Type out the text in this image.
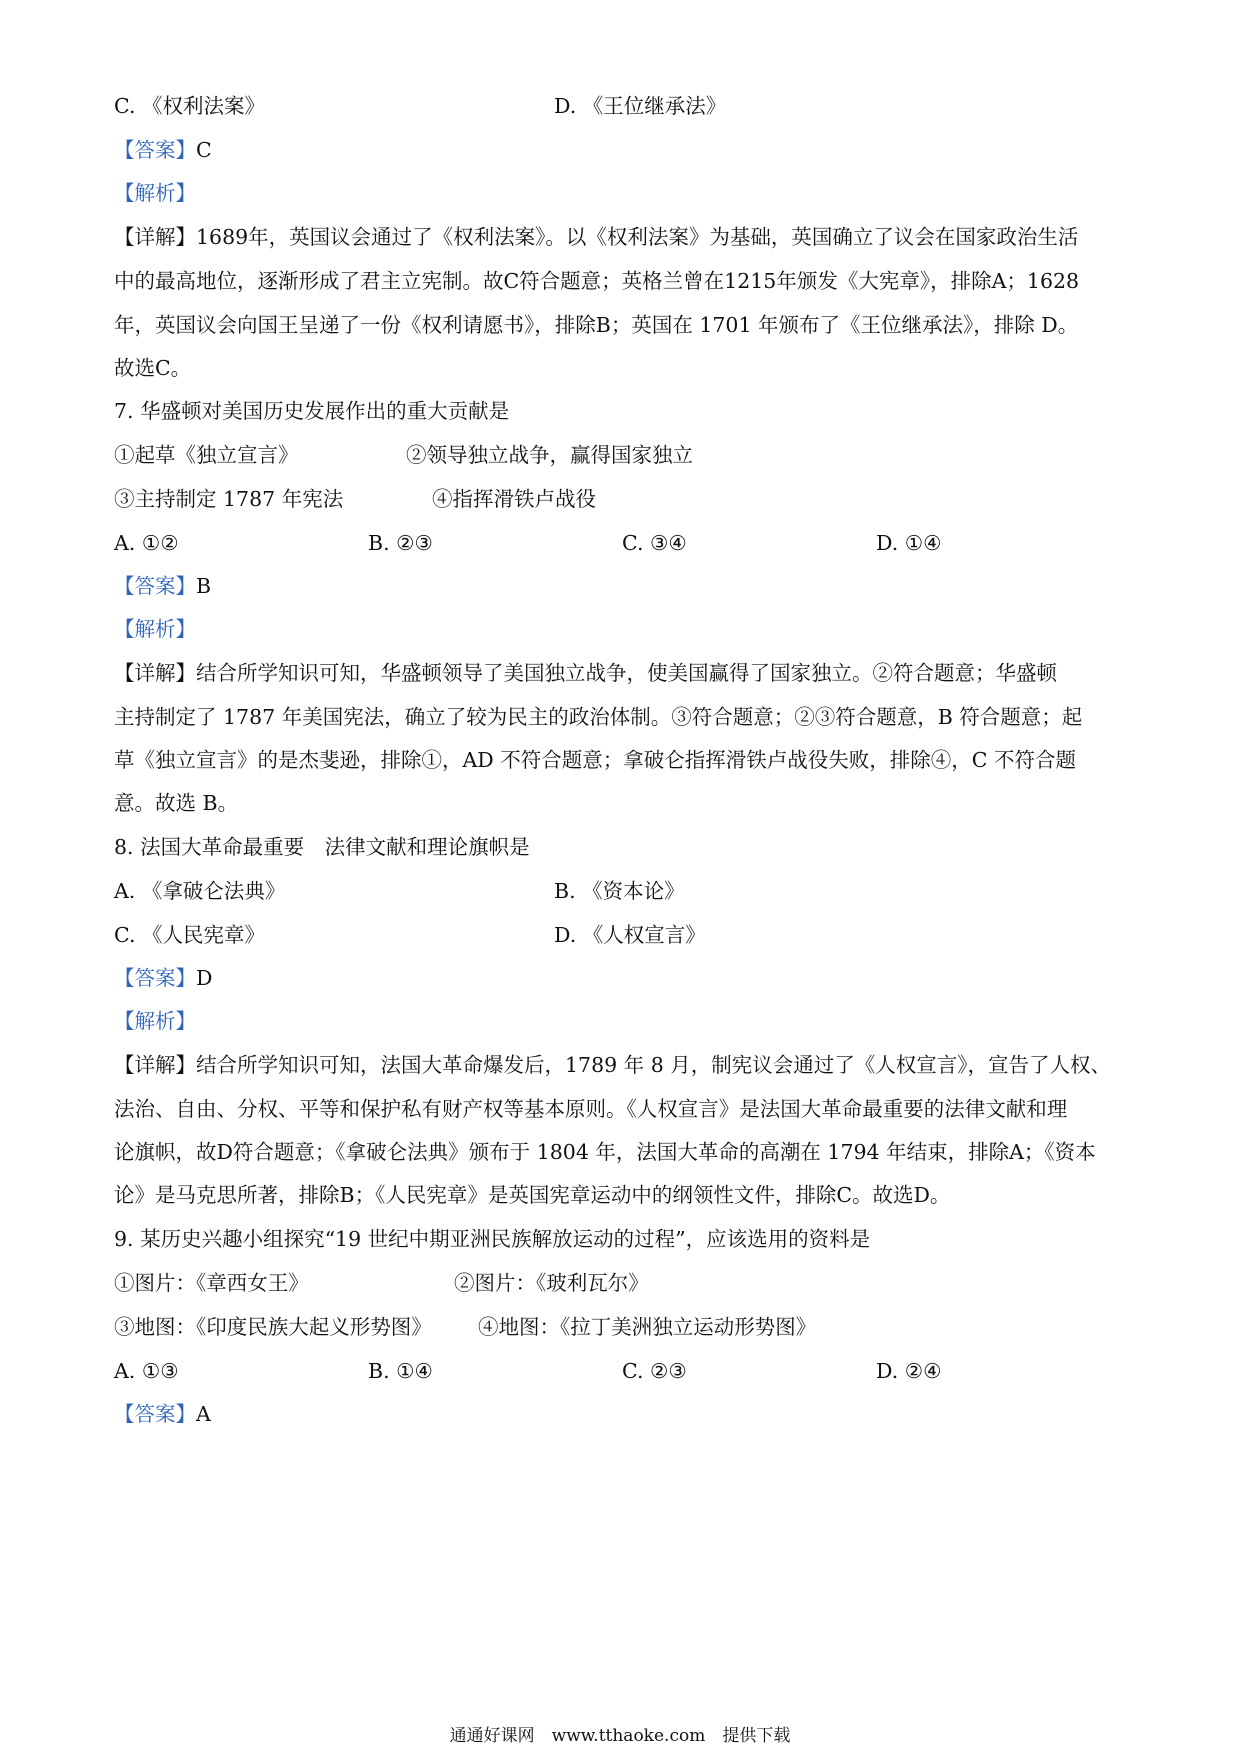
C. 《权利法案》	D. 《王位继承法》
【答案】C
【解析】
【详解】1689年，英国议会通过了《权利法案》。以《权利法案》为基础，英国确立了议会在国家政治生活
中的最高地位，逐渐形成了君主立宪制。故C符合题意；英格兰曾在1215年颁发《大宪章》，排除A；1628
年，英国议会向国王呈递了一份《权利请愿书》，排除B；英国在 1701 年颁布了《王位继承法》，排除 D。
故选C。
7. 华盛顿对美国历史发展作出的重大贡献是
①起草《独立宣言》	②领导独立战争，赢得国家独立
③主持制定 1787 年宪法	④指挥滑铁卢战役
A. ①②	B. ②③	C. ③④	D. ①④
【答案】B
【解析】
【详解】结合所学知识可知，华盛顿领导了美国独立战争，使美国赢得了国家独立。②符合题意；华盛顿
主持制定了 1787 年美国宪法，确立了较为民主的政治体制。③符合题意；②③符合题意，B 符合题意；起
草《独立宣言》的是杰斐逊，排除①，AD 不符合题意；拿破仑指挥滑铁卢战役失败，排除④，C 不符合题
意。故选 B。
8. 法国大革命最重要　法律文献和理论旗帜是
A. 《拿破仑法典》	B. 《资本论》
C. 《人民宪章》	D. 《人权宣言》
【答案】D
【解析】
【详解】结合所学知识可知，法国大革命爆发后，1789 年 8 月，制宪议会通过了《人权宣言》，宣告了人权、
法治、自由、分权、平等和保护私有财产权等基本原则。《人权宣言》是法国大革命最重要的法律文献和理
论旗帜，故D符合题意；《拿破仑法典》颁布于 1804 年，法国大革命的高潮在 1794 年结束，排除A；《资本
论》是马克思所著，排除B；《人民宪章》是英国宪章运动中的纲领性文件，排除C。故选D。
9. 某历史兴趣小组探究“19 世纪中期亚洲民族解放运动的过程”，应该选用的资料是
①图片：《章西女王》	②图片：《玻利瓦尔》
③地图：《印度民族大起义形势图》 ④地图：《拉丁美洲独立运动形势图》
A. ①③	B. ①④	C. ②③	D. ②④
【答案】A
通通好课网　www.tthaoke.com　提供下载
